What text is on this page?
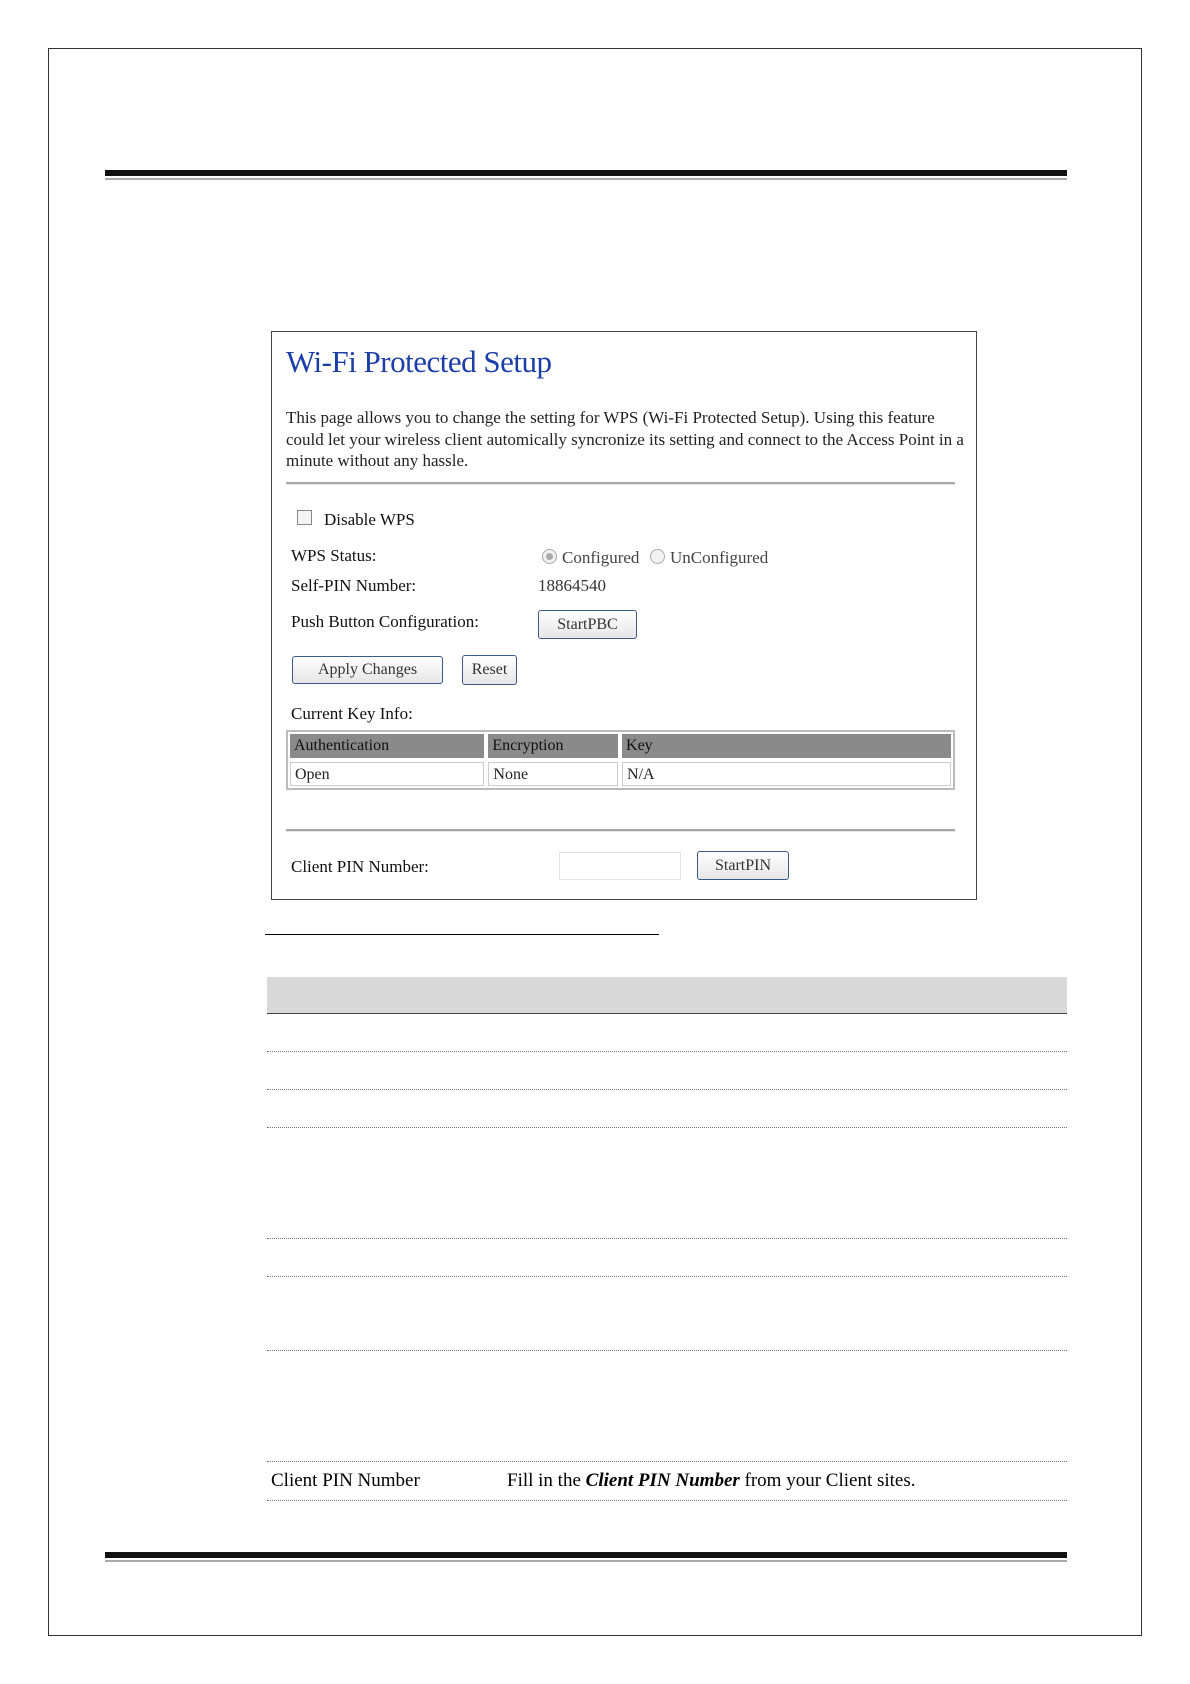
Wi-Fi Protected Setup
This page allows you to change the setting for WPS (Wi-Fi Protected Setup). Using this feature could let your wireless client automically syncronize its setting and connect to the Access Point in a minute without any hassle.
Disable WPS
WPS Status:	Configured UnConfigured
Self-PIN Number:	18864540
Push Button Configuration:	StartPBC
Apply Changes	Reset
Current Key Info:
Authentication	Encryption	Key
Open	None	N/A
Client PIN Number:	StartPIN
Client PIN Number	Fill in the Client PIN Number from your Client sites.
